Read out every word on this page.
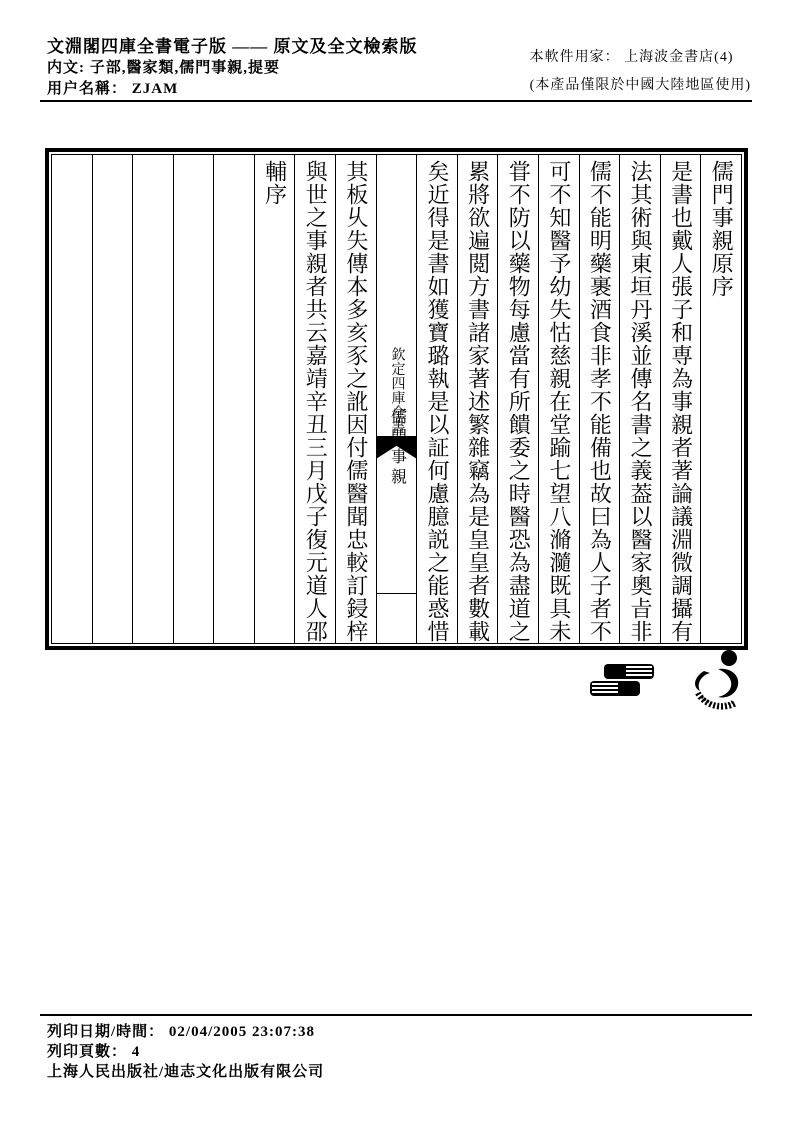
文淵閣四庫全書電子版 —— 原文及全文檢索版
内文: 子部,醫家類,儒門事親,提要
用户名稱： ZJAM
本軟件用家： 上海波金書店(4)
(本產品僅限於中國大陸地區使用)
儒門事親原序
是書也戴人張子和専為事親者著論議淵微調攝有
法其術與東垣丹溪並傳名書之義葢以醫家奧㫖非
儒不能明藥裹酒食非孝不能備也故曰為人子者不
可不知醫予幼失怙慈親在堂踰七望八滫瀡既具未
甞不防以藥物每慮當有所饋委之時醫恐為盡道之
累將欲遍閲方書諸家著述繁雜竊為是皇皇者數載
矣近得是書如獲寶璐執是以証何慮臆説之能惑惜
欽定四庫全書
儒門事親
其板乆失傳本多亥豕之訛因付儒醫聞忠較訂鋟梓
與世之事親者共云嘉靖辛丑三月戊子復元道人邵
輔序
列印日期/時間： 02/04/2005 23:07:38
列印頁數： 4
上海人民出版社/迪志文化出版有限公司
